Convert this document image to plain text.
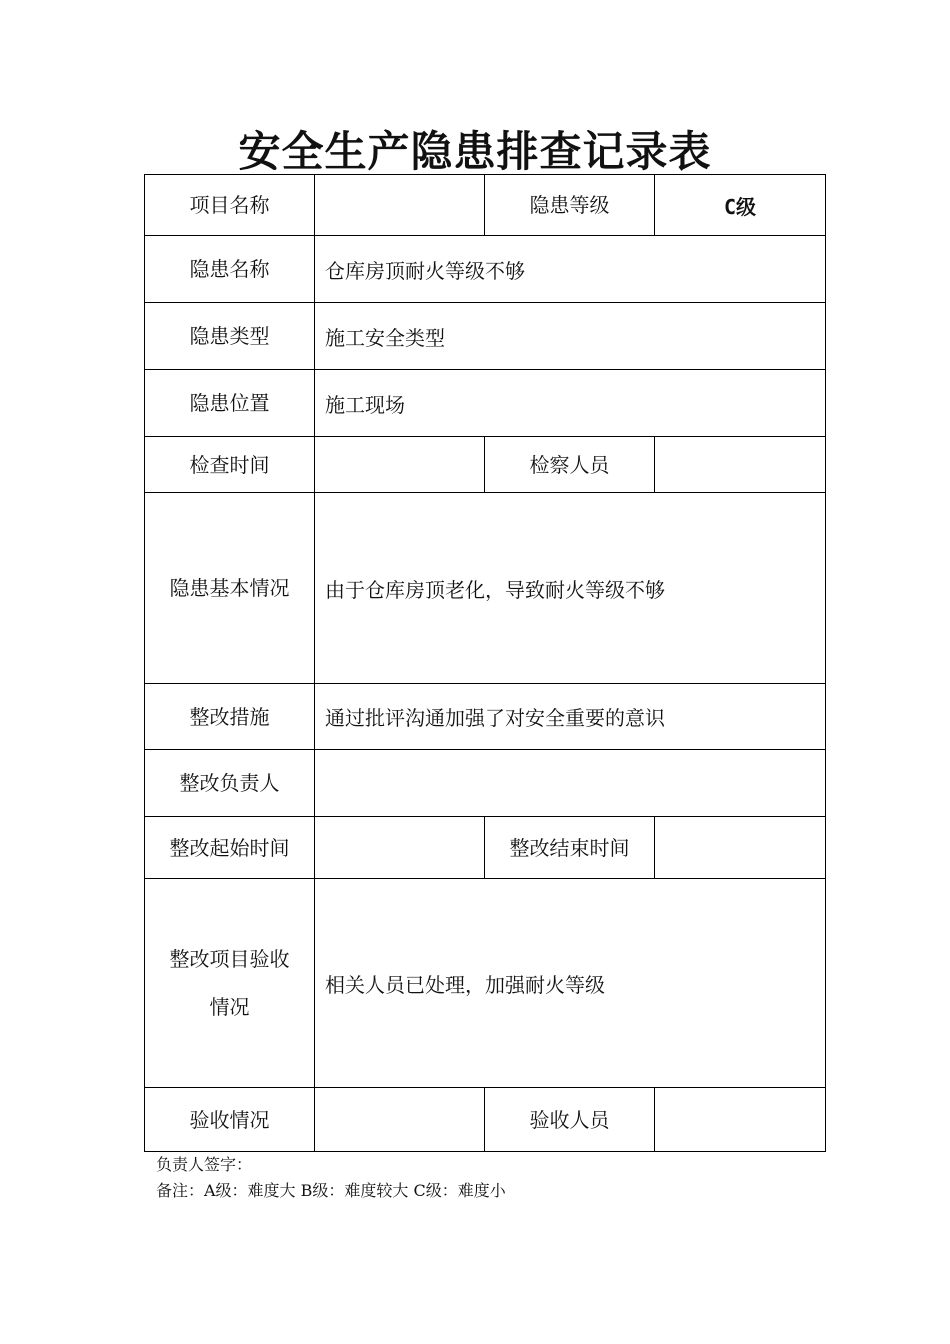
安全生产隐患排查记录表
项目名称		隐患等级	C级
隐患名称	仓库房顶耐火等级不够		
隐患类型	施工安全类型		
隐患位置	施工现场		
检查时间		检察人员	
隐患基本情况	由于仓库房顶老化，导致耐火等级不够		
整改措施	通过批评沟通加强了对安全重要的意识		
整改负责人			
整改起始时间		整改结束时间	

整改项目验收
情况	相关人员已处理，加强耐火等级		
验收情况		验收人员	
负责人签字：
备注：A级：难度大 B级：难度较大 C级：难度小
